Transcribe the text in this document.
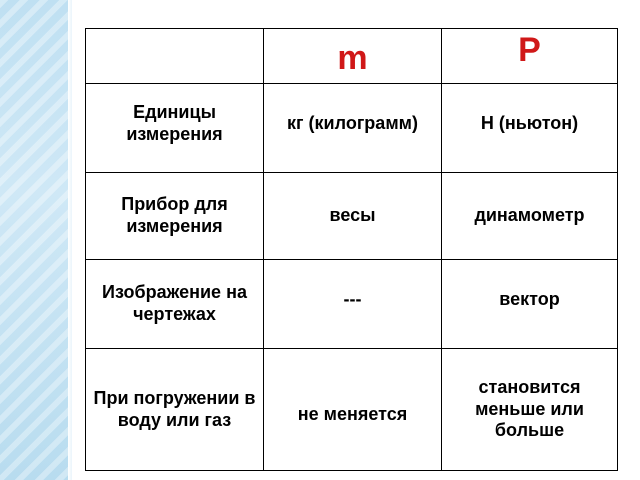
	m	P
Единицы измерения	кг (килограмм)	Н (ньютон)
Прибор для измерения	весы	динамометр
Изображение на чертежах	---	вектор
При погружении в воду или газ	не меняется	становится меньше или больше
